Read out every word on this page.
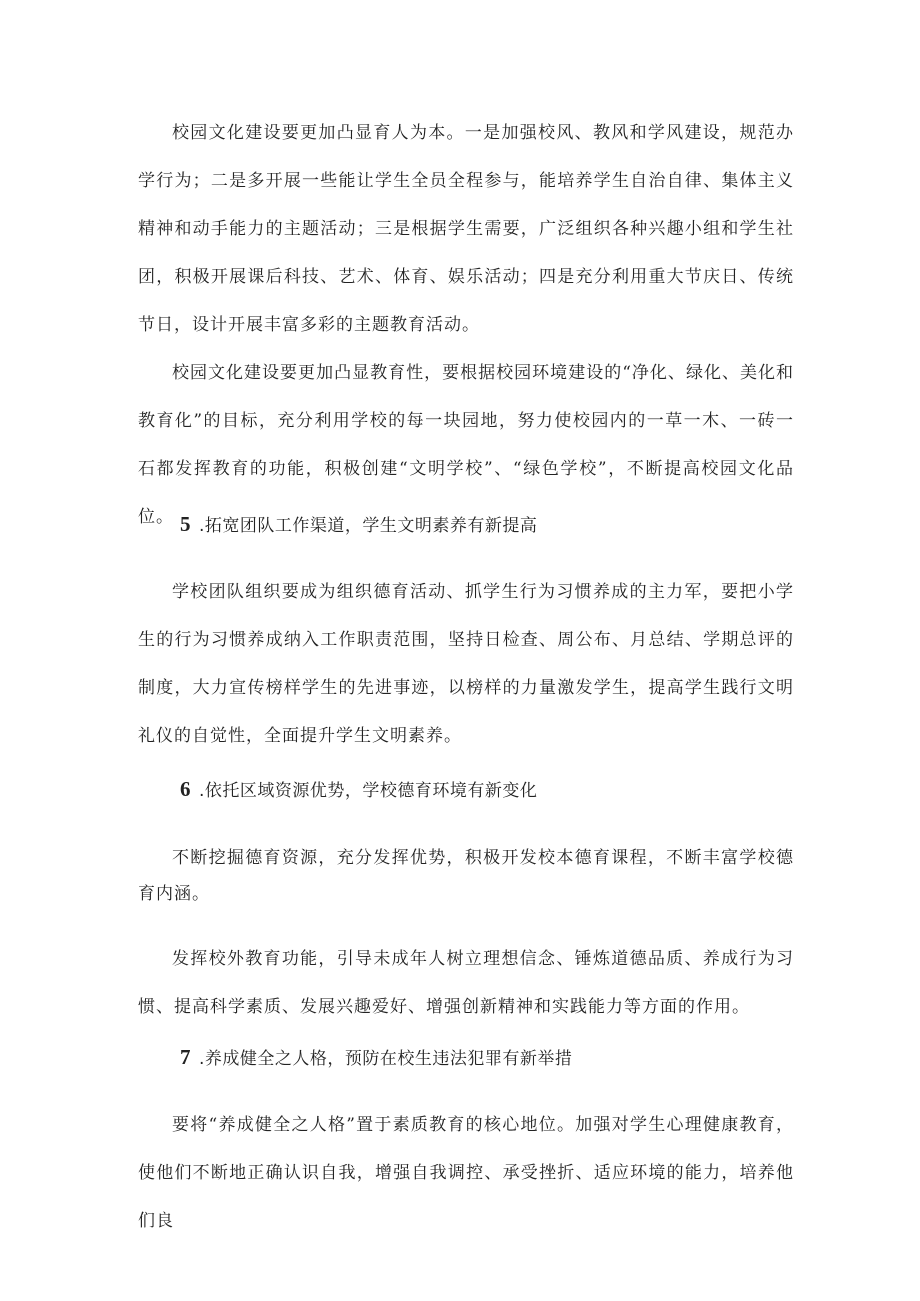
校园文化建设要更加凸显育人为本。一是加强校风、教风和学风建设，规范办学行为；二是多开展一些能让学生全员全程参与，能培养学生自治自律、集体主义精神和动手能力的主题活动；三是根据学生需要，广泛组织各种兴趣小组和学生社团，积极开展课后科技、艺术、体育、娱乐活动；四是充分利用重大节庆日、传统节日，设计开展丰富多彩的主题教育活动。

校园文化建设要更加凸显教育性，要根据校园环境建设的“净化、绿化、美化和教育化”的目标，充分利用学校的每一块园地，努力使校园内的一草一木、一砖一石都发挥教育的功能，积极创建“文明学校”、“绿色学校”，不断提高校园文化品位。 5 .拓宽团队工作渠道，学生文明素养有新提高

学校团队组织要成为组织德育活动、抓学生行为习惯养成的主力军，要把小学生的行为习惯养成纳入工作职责范围，坚持日检查、周公布、月总结、学期总评的制度，大力宣传榜样学生的先进事迹，以榜样的力量激发学生，提高学生践行文明礼仪的自觉性，全面提升学生文明素养。

6 .依托区域资源优势，学校德育环境有新变化

不断挖掘德育资源，充分发挥优势，积极开发校本德育课程，不断丰富学校德育内涵。

发挥校外教育功能，引导未成年人树立理想信念、锤炼道德品质、养成行为习惯、提高科学素质、发展兴趣爱好、增强创新精神和实践能力等方面的作用。

7 .养成健全之人格，预防在校生违法犯罪有新举措

要将“养成健全之人格”置于素质教育的核心地位。加强对学生心理健康教育，使他们不断地正确认识自我，增强自我调控、承受挫折、适应环境的能力，培养他们良
